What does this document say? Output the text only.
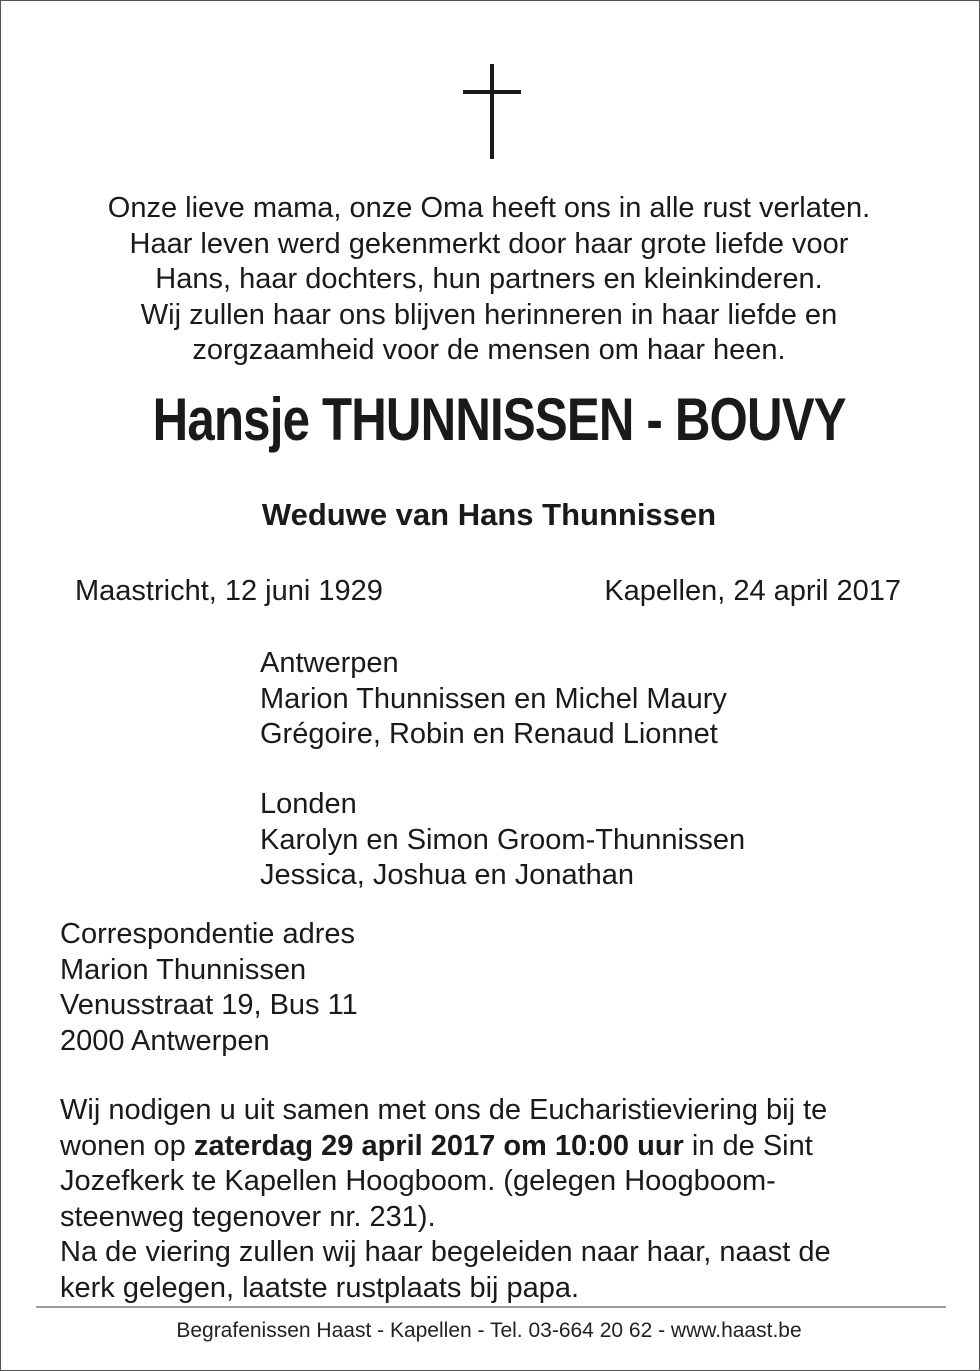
Onze lieve mama, onze Oma heeft ons in alle rust verlaten.
Haar leven werd gekenmerkt door haar grote liefde voor
Hans, haar dochters, hun partners en kleinkinderen.
Wij zullen haar ons blijven herinneren in haar liefde en
zorgzaamheid voor de mensen om haar heen.
Hansje THUNNISSEN - BOUVY
Weduwe van Hans Thunnissen
Maastricht, 12 juni 1929	Kapellen, 24 april 2017
Antwerpen
Marion Thunnissen en Michel Maury
Grégoire, Robin en Renaud Lionnet
Londen
Karolyn en Simon Groom-Thunnissen
Jessica, Joshua en Jonathan
Correspondentie adres
Marion Thunnissen
Venusstraat 19, Bus 11
2000 Antwerpen
Wij nodigen u uit samen met ons de Eucharistieviering bij te
wonen op zaterdag 29 april 2017 om 10:00 uur in de Sint
Jozefkerk te Kapellen Hoogboom. (gelegen Hoogboom-
steenweg tegenover nr. 231).
Na de viering zullen wij haar begeleiden naar haar, naast de
kerk gelegen, laatste rustplaats bij papa.
Begrafenissen Haast - Kapellen - Tel. 03-664 20 62 - www.haast.be
